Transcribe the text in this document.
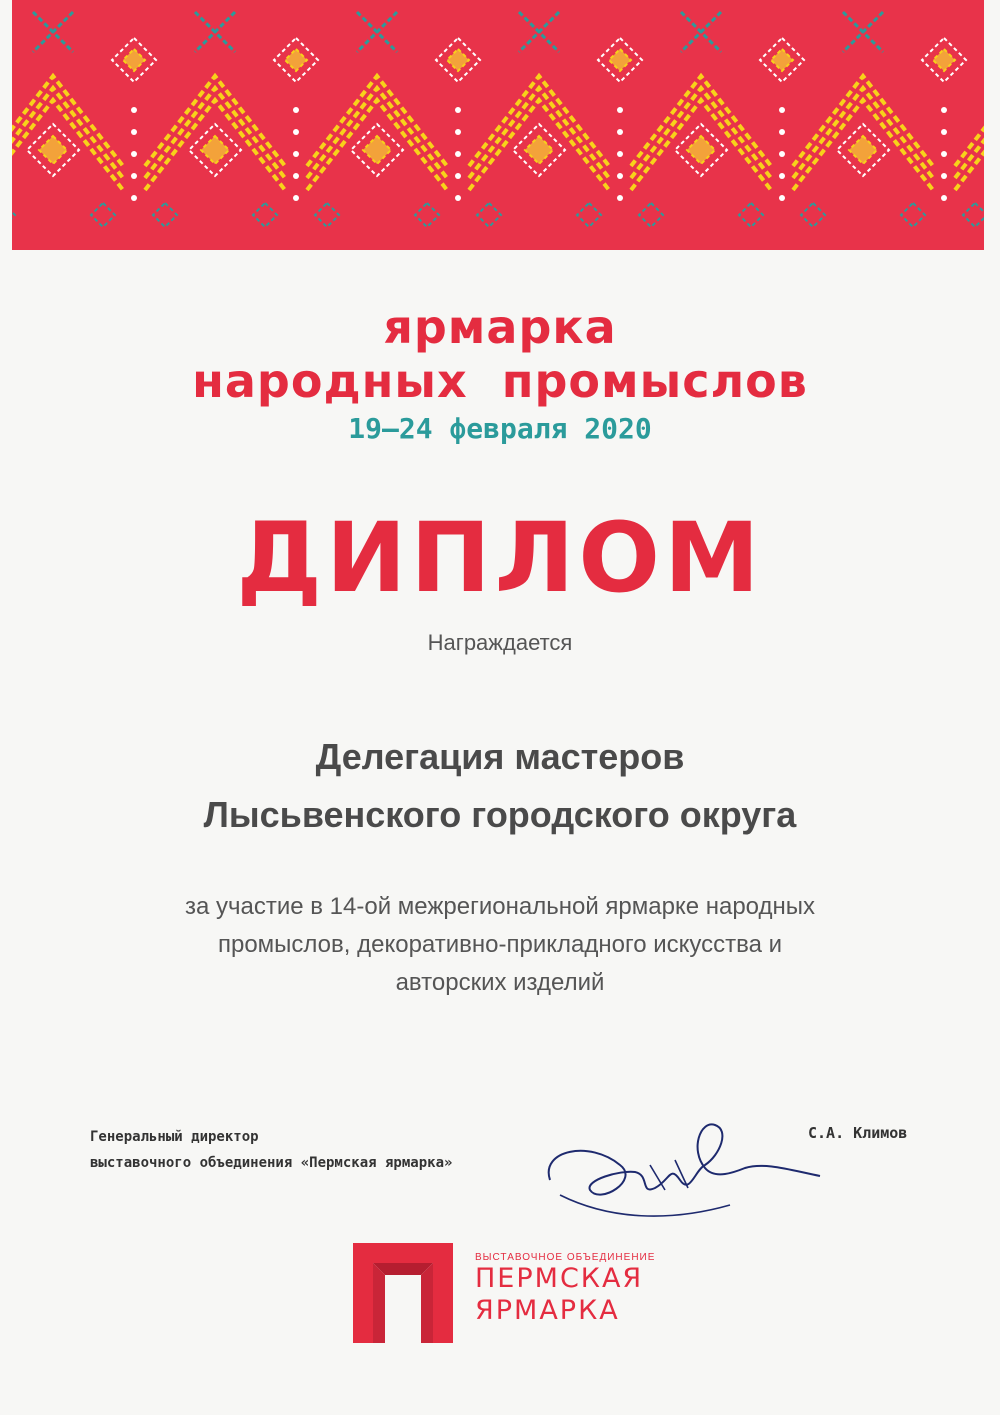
ярмарка
народных  промыслов
19–24 февраля 2020
ДИПЛОМ
Награждается
Делегация мастеров
Лысьвенского городского округа
за участие в 14-ой межрегиональной ярмарке народных
промыслов, декоративно-прикладного искусства и
авторских изделий
Генеральный директор
выставочного объединения «Пермская ярмарка»
С.А. Климов
ВЫСТАВОЧНОЕ ОБЪЕДИНЕНИЕ
ПЕРМСКАЯ
ЯРМАРКА
